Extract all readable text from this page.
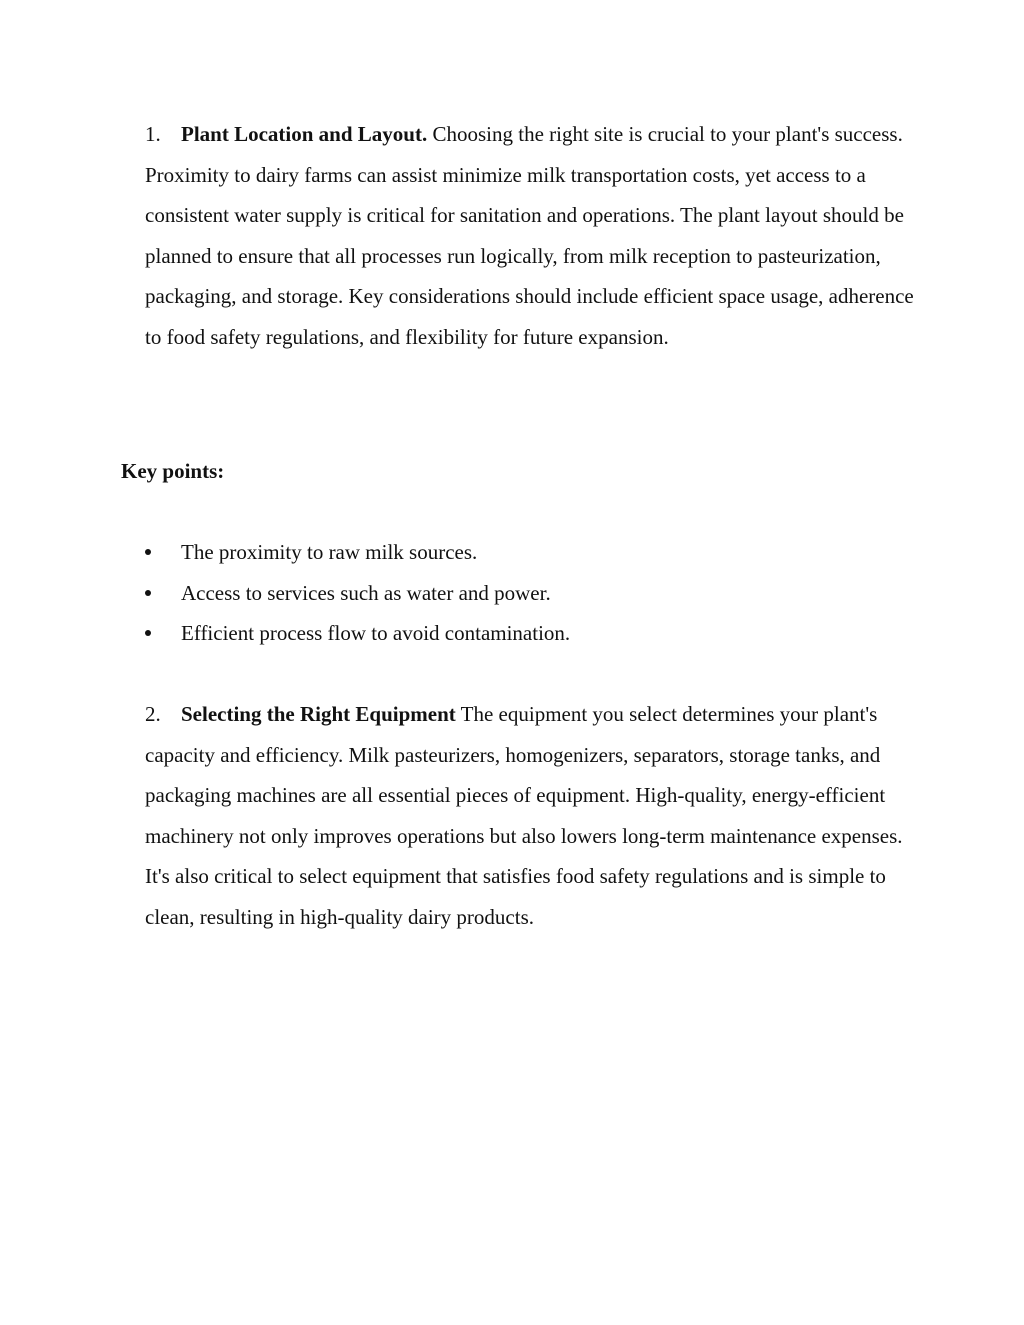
1. Plant Location and Layout. Choosing the right site is crucial to your plant's success. Proximity to dairy farms can assist minimize milk transportation costs, yet access to a consistent water supply is critical for sanitation and operations. The plant layout should be planned to ensure that all processes run logically, from milk reception to pasteurization, packaging, and storage. Key considerations should include efficient space usage, adherence to food safety regulations, and flexibility for future expansion.

Key points:

The proximity to raw milk sources.
Access to services such as water and power.
Efficient process flow to avoid contamination.

2. Selecting the Right Equipment The equipment you select determines your plant's capacity and efficiency. Milk pasteurizers, homogenizers, separators, storage tanks, and packaging machines are all essential pieces of equipment. High-quality, energy-efficient machinery not only improves operations but also lowers long-term maintenance expenses. It's also critical to select equipment that satisfies food safety regulations and is simple to clean, resulting in high-quality dairy products.
